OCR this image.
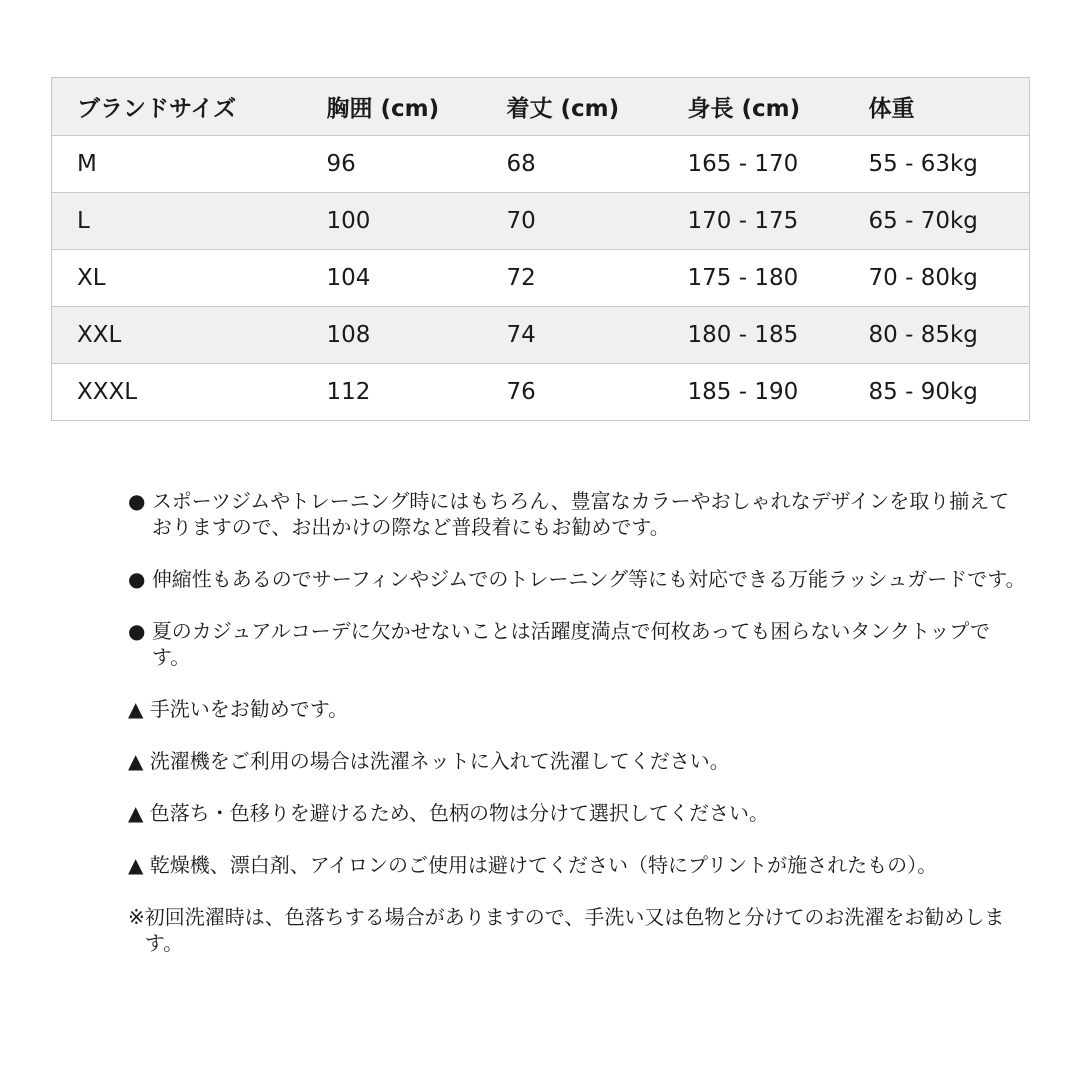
ブランドサイズ	胸囲 (cm)	着丈 (cm)	身長 (cm)	体重
M	96	68	165 - 170	55 - 63kg
L	100	70	170 - 175	65 - 70kg
XL	104	72	175 - 180	70 - 80kg
XXL	108	74	180 - 185	80 - 85kg
XXXL	112	76	185 - 190	85 - 90kg
● スポーツジムやトレーニング時にはもちろん、豊富なカラーやおしゃれなデザインを取り揃えておりますので、お出かけの際など普段着にもお勧めです。
● 伸縮性もあるのでサーフィンやジムでのトレーニング等にも対応できる万能ラッシュガードです。
● 夏のカジュアルコーデに欠かせないことは活躍度満点で何枚あっても困らないタンクトップです。
▲ 手洗いをお勧めです。
▲ 洗濯機をご利用の場合は洗濯ネットに入れて洗濯してください。
▲ 色落ち・色移りを避けるため、色柄の物は分けて選択してください。
▲ 乾燥機、漂白剤、アイロンのご使用は避けてください（特にプリントが施されたもの）。
※ 初回洗濯時は、色落ちする場合がありますので、手洗い又は色物と分けてのお洗濯をお勧めします。
